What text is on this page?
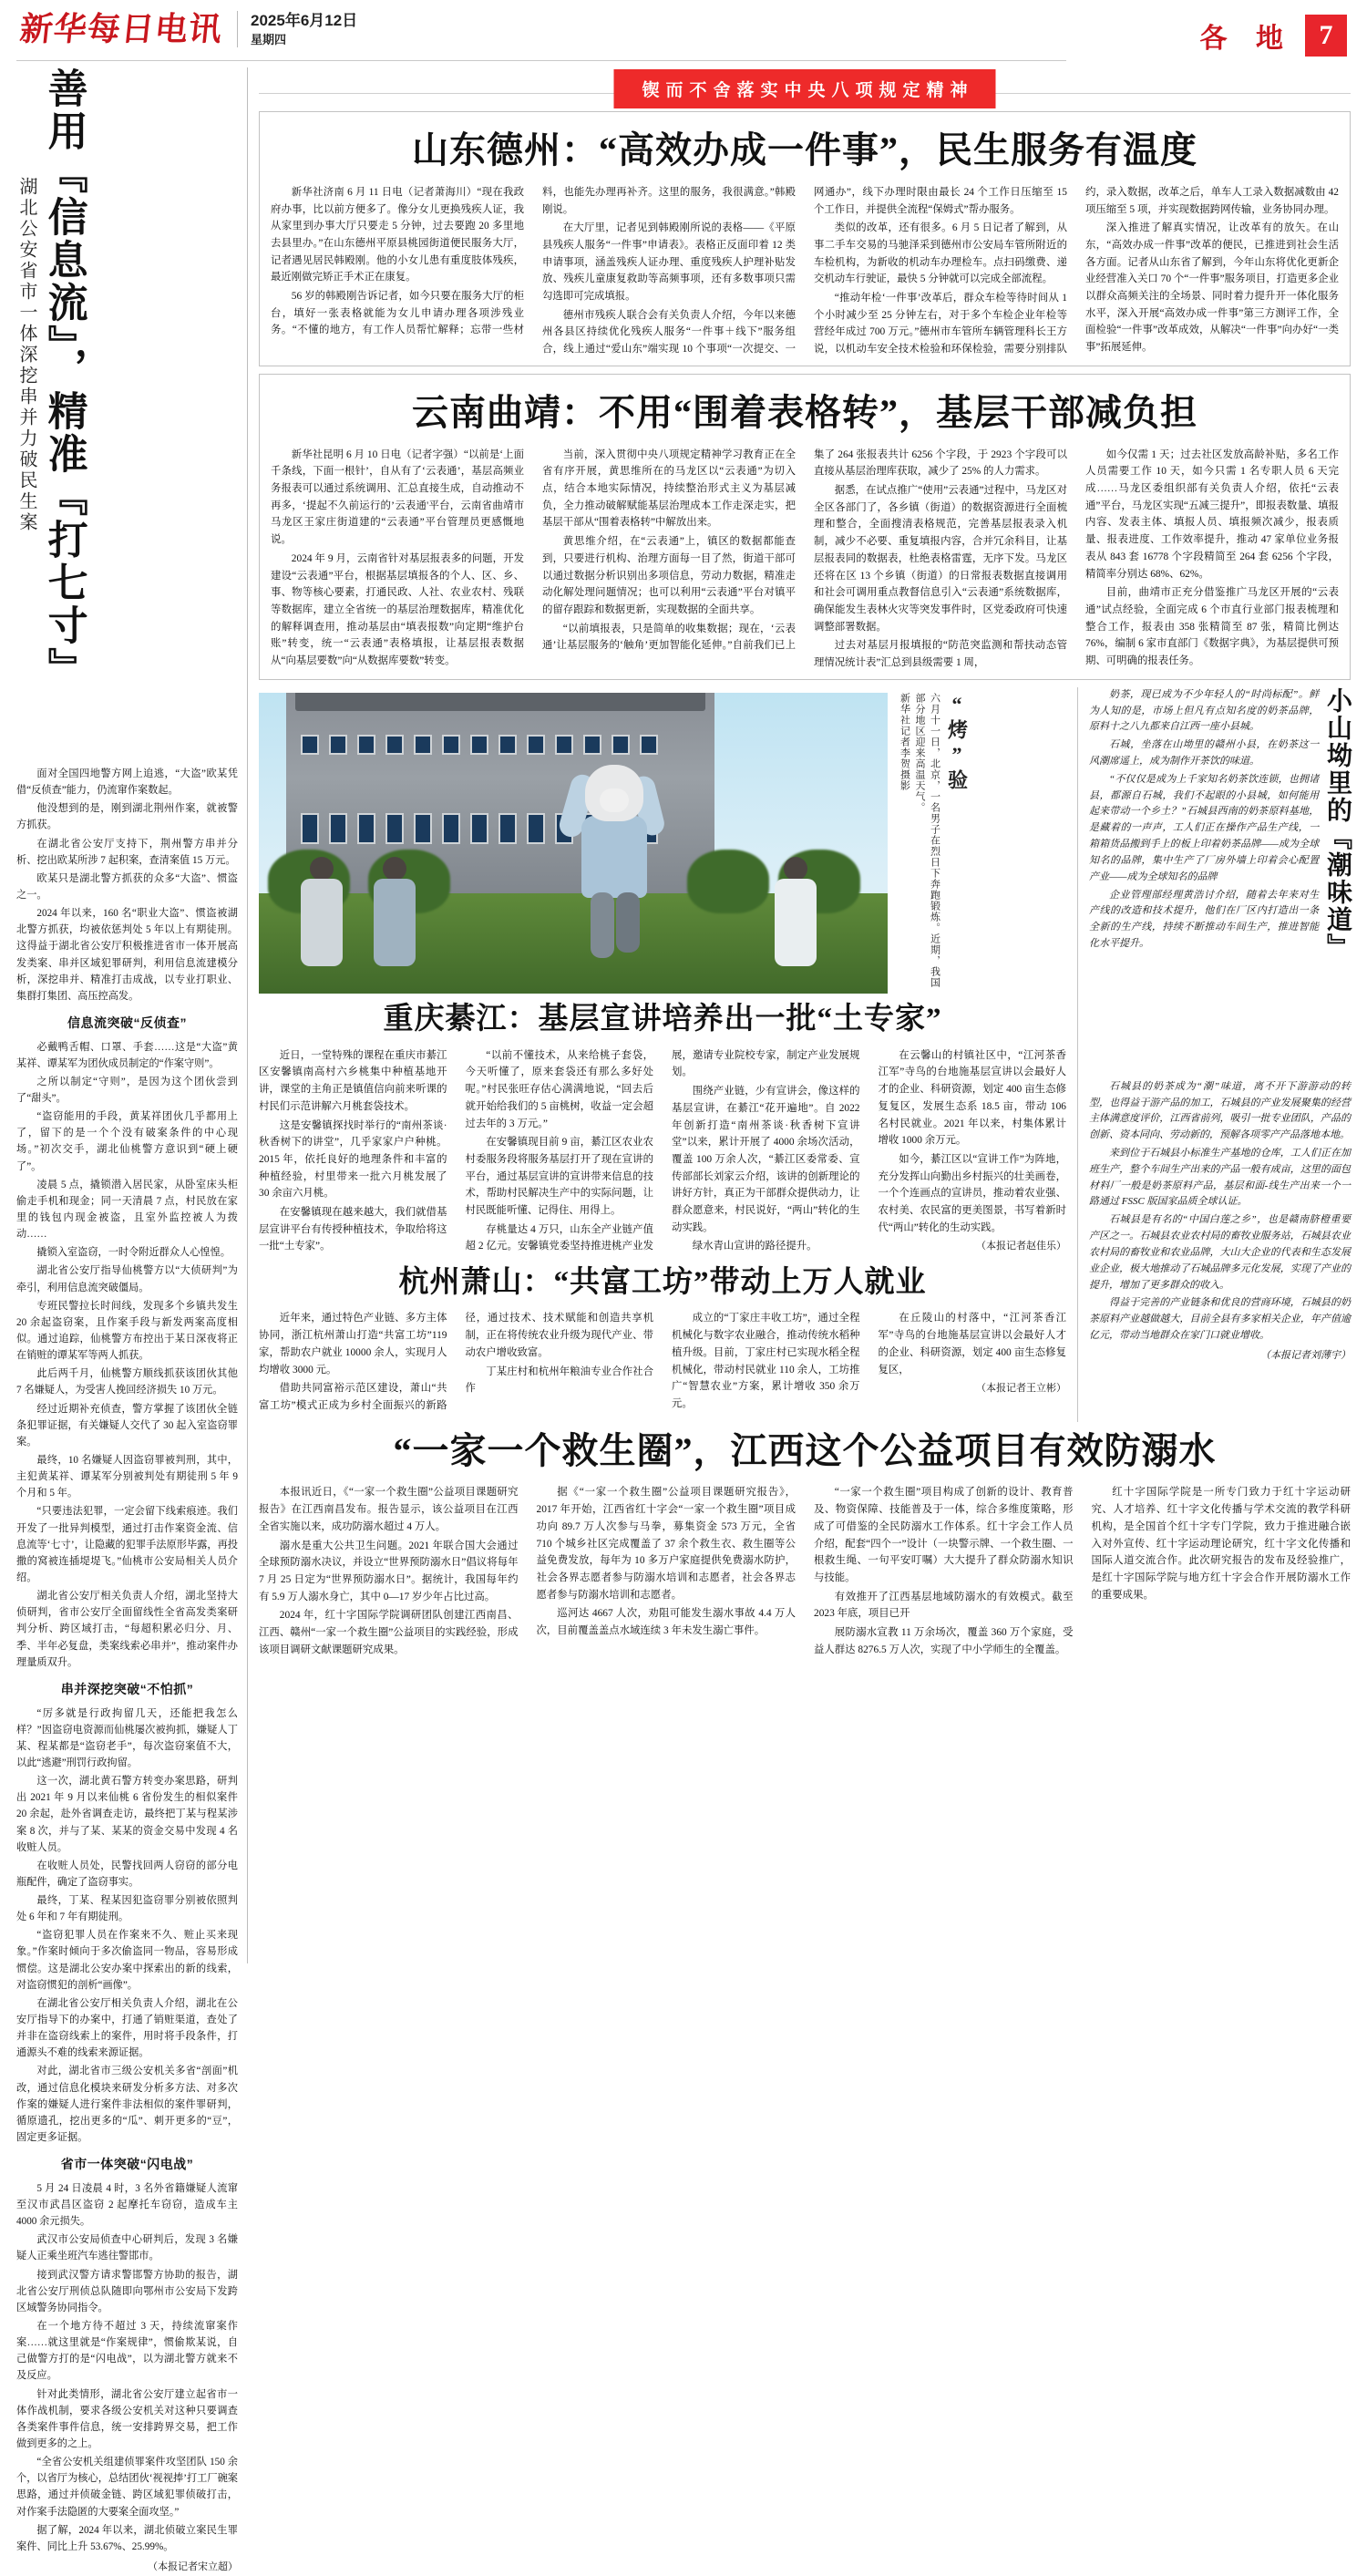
新华每日电讯	2025年6月12日
星期四	各 地 7
善用『信息流』，精准『打七寸』
湖北公安省市一体深挖串并力破民生案

面对全国四地警方网上追逃，“大盗”欧某凭借“反侦查”能力，仍流窜作案数起。

他没想到的是，刚到湖北荆州作案，就被警方抓获。

在湖北省公安厅支持下，荆州警方串并分析、挖出欧某所涉 7 起积案，查清案值 15 万元。

欧某只是湖北警方抓获的众多“大盗”、惯盗之一。

2024 年以来，160 名“职业大盗”、惯盗被湖北警方抓获，均被依惩判处 5 年以上有期徒刑。这得益于湖北省公安厅积极推进省市一体开展高发类案、串并区域犯罪研判，利用信息流建模分析，深挖串并、精准打击成战，以专业打职业、集群打集团、高压控高发。

信息流突破“反侦查”

必戴鸭舌帽、口罩、手套……这是“大盗”黄某祥、谭某军为团伙成员制定的“作案守则”。

之所以制定“守则”，是因为这个团伙尝到了“甜头”。

“盗窃能用的手段，黄某祥团伙几乎都用上了，留下的是一个个没有破案条件的中心现场。”初次交手，湖北仙桃警方意识到“硬上硬了”。

凌晨 5 点，撬锁潜入居民家，从卧室床头柜偷走手机和现金；同一天清晨 7 点，村民放在家里的钱包内现金被盗，且室外监控被人为拨动……

撬锁入室盗窃，一时令附近群众人心惶惶。

湖北省公安厅指导仙桃警方以“大侦研判”为牵引，利用信息流突破僵局。

专班民警拉长时间线，发现多个乡镇共发生 20 余起盗窃案，且作案手段与新发两案高度相似。通过追踪，仙桃警方布控出于某日深夜将正在销赃的谭某军等两人抓获。

此后两千月，仙桃警方顺线抓获该团伙其他 7 名嫌疑人，为受害人挽回经济损失 10 万元。

经过近期补充侦查，警方掌握了该团伙全链条犯罪证据，有关嫌疑人交代了 30 起入室盗窃罪案。

最终，10 名嫌疑人因盗窃罪被判刑，其中，主犯黄某祥、谭某军分别被判处有期徒刑 5 年 9 个月和 5 年。

“只要违法犯罪，一定会留下线索痕迹。我们开发了一批异判模型，通过打击作案资金流、信息流等‘七寸’，让隐藏的犯罪手法原形毕露，再投撒的窝被连插堤堤飞。”仙桃市公安局相关人员介绍。

湖北省公安厅相关负责人介绍，湖北坚持大侦研判，省市公安厅全面留线性全省高发类案研判分析、跨区域打击，“每超积累必归分、月、季、半年必复盘，类案线索必串并”，推动案件办理量质双升。

串并深挖突破“不怕抓”

“厉多就是行政拘留几天，还能把我怎么样？”因盗窃电资源而仙桃屡次被拘抓，嫌疑人丁某、程某都是“盗窃老手”，每次盗窃案值不大，以此“逃避”刑罚行政拘留。

这一次，湖北黄石警方转变办案思路，研判出 2021 年 9 月以来仙桃 6 省份发生的相似案件 20 余起，赴外省调查走访，最终把丁某与程某涉案 8 次，并与了某、某某的资金交易中发现 4 名收赃人员。

在收赃人员处，民警找回两人窃窃的部分电瓶配件，确定了盗窃事实。

最终，丁某、程某因犯盗窃罪分别被依照判处 6 年和 7 年有期徒刑。

“盗窃犯罪人员在作案来不久、赃止买来现象。”作案时倾向于多次偷盗同一物品，容易形成惯偿。这是湖北公安办案中探索出的新的线索，对盗窃惯犯的剖析“画像”。

在湖北省公安厅相关负责人介绍，湖北在公安厅指导下的办案中，打通了销赃渠道，查处了并非在盗窃线索上的案件，用时将手段条件，打通源头不难的线索来源证据。

对此，湖北省市三级公安机关多省“剖面”机改，通过信息化模块来研发分析多方法、对多次作案的嫌疑人进行案件非法相似的案件罪研判，循原遗孔，挖出更多的“瓜”、刺开更多的“豆”，固定更多证据。

省市一体突破“闪电战”

5 月 24 日凌晨 4 时，3 名外省籍嫌疑人流窜至汉市武昌区盗窃 2 起摩托车窃窃，造成车主 4000 余元损失。

武汉市公安局侦查中心研判后，发现 3 名嫌疑人正乘坐班汽车逃往警邯市。

接到武汉警方请求警邯警方协助的报告，湖北省公安厅刑侦总队随即向鄂州市公安局下发跨区域警务协同指令。

在一个地方待不超过 3 天，持续流窜案作案……就这里就是“作案规律”，惯偷欺某说，自己做警方打的是“闪电战”，以为湖北警方就来不及反应。

针对此类情形，湖北省公安厅建立起省市一体作战机制，要求各级公安机关对这种只要调查各类案件事件信息，统一安排跨界交易，把工作做到更多的之上。

“全省公安机关组建侦罪案件攻坚团队 150 余个，以省厅为核心，总结团伙‘视视捧’打工厂碗案思路，通过并侦破金链、跨区域犯罪侦破打击，对作案手法隐匿的大要案全面攻坚。”

据了解，2024 年以来，湖北侦破立案民生罪案件、同比上升 53.67%、25.99%。

（本报记者宋立超）
锲而不舍落实中央八项规定精神
山东德州：“高效办成一件事”，民生服务有温度

新华社济南 6 月 11 日电（记者萧海川）“现在我政府办事，比以前方便多了。像分女儿更换残疾人证，我从家里到办事大厅只要走 5 分钟，过去要跑 20 多里地去县里办。”在山东德州平原县桃园街道便民服务大厅，记者遇见居民韩殿刚。他的小女儿患有重度肢体残疾，最近刚做完矫正手术正在康复。

56 岁的韩殿刚告诉记者，如今只要在服务大厅的柜台，填好一张表格就能为女儿申请办理各项涉残业务。“不懂的地方，有工作人员帮忙解释；忘带一些材料，也能先办理再补齐。这里的服务，我很满意。”韩殿刚说。

在大厅里，记者见到韩殿刚所说的表格——《平原县残疾人服务“一件事”申请表》。表格正反面印着 12 类申请事项，涵盖残疾人证办理、重度残疾人护理补贴发放、残疾儿童康复救助等高频事项，还有多数事项只需勾选即可完成填报。

德州市残疾人联合会有关负责人介绍，今年以来德州各县区持续优化残疾人服务“一件事＋线下”服务组合，线上通过“爱山东”端实现 10 个事项“一次提交、一网通办”，线下办理时限由最长 24 个工作日压缩至 15 个工作日，并提供全流程“保姆式”帮办服务。

类似的改革，还有很多。6 月 5 日记者了解到，从事二手车交易的马驰泽采到德州市公安局车管所附近的车检机构，为新收的机动车办理检车。点扫码缴费、递交机动车行驶证，最快 5 分钟就可以完成全部流程。

“推动年检‘一件事’改革后，群众车检等待时间从 1 个小时减少至 25 分钟左右，对于多个车检企业年检等营经年成过 700 万元。”德州市车管所车辆管理科长王方说，以机动车安全技术检验和环保检验，需要分别排队约，录入数据，改革之后，单车人工录入数据减数由 42 项压缩至 5 项，并实现数据跨网传输，业务协同办理。

深入推进了解真实情况，让改革有的放矢。在山东，“高效办成一件事”改革的便民，已推进到社会生活各方面。记者从山东省了解到，今年山东将优化更新企业经营准入关口 70 个“一件事”服务项目，打造更多企业以群众高频关注的全场景、同时着力提升开一体化服务水平，深入开展“高效办成一件事”第三方测评工作，全面检验“一件事”改革成效，从解决“一件事”向办好“一类事”拓展延伸。

云南曲靖：不用“围着表格转”，基层干部减负担

新华社昆明 6 月 10 日电（记者字强）“以前是‘上面千条线，下面一根针’，自从有了‘云表通’，基层高频业务报表可以通过系统调用、汇总直接生成，自动推动不再多，‘提起不久前运行的’云表通'平台，云南省曲靖市马龙区王家庄街道建的“云表通”平台管理员更感慨地说。

2024 年 9 月，云南省针对基层报表多的问题，开发建设“云表通”平台，根据基层填报各的个人、区、乡、事、物等核心要素，打通民政、人社、农业农村、残联等数据库，建立全省统一的基层治理数据库，精准优化的解释调查用，推动基层由“填表报数”向定期“维护台账”转变，统一“云表通”表格填报，让基层报表数据从“向基层要数”向“从数据库要数”转变。

当前，深入贯彻中央八项规定精神学习教育正在全省有序开展，黄思维所在的马龙区以“云表通”为切入点，结合本地实际情况，持续整治形式主义为基层减负，全力推动破解赋能基层治理成本工作走深走实，把基层干部从“围着表格转”中解放出来。

黄思维介绍，在“云表通”上，镇区的数据都能查到，只要进行机构、治理方面每一目了然，街道干部可以通过数据分析识别出多项信息，劳动力数据，精准走动化解处理问题情况；也可以利用“云表通”平台对镇平的留存跟踪和数据更新，实现数据的全面共享。

“以前填报表，只是简单的收集数据；现在，‘云表通’让基层服务的‘触角’更加智能化延伸。”自前我们已上集了 264 张报表共计 6256 个字段，于 2923 个字段可以直接从基层治理库获取，减少了 25% 的人力需求。

据悉，在试点推广“使用”云表通”过程中，马龙区对全区各部门了，各乡镇（街道）的数据资源进行全面梳理和整合，全面搜清表格规范，完善基层报表录入机制，减少不必要、重复填报内容，合并冗余科目，让基层报表同的数据表，杜绝表格雷霆，无序下发。马龙区还将在区 13 个乡镇（街道）的日常报表数据直接调用和社会可调用重点教督信息引入“云表通”系统数据库，确保能发生表林火灾等突发事件时，区党委政府可快速调整部署数据。

过去对基层月报填报的“防范突监测和帮扶动态管理情况统计表”汇总到县级需要 1 周，

如今仅需 1 天；过去社区发放高龄补贴，多名工作人员需要工作 10 天，如今只需 1 名专职人员 6 天完成……马龙区委组织部有关负责人介绍，依托“云表通”平台，马龙区实现“五减三提升”，即报表数量、填报内容、发表主体、填报人员、填报频次减少，报表质量、报表进度、工作效率提升，推动 47 家单位业务报表从 843 套 16778 个字段精简至 264 套 6256 个字段，精简率分别达 68%、62%。

目前，曲靖市正充分借鉴推广马龙区开展的“云表通”试点经验，全面完成 6 个市直行业部门报表梳理和整合工作，报表由 358 张精简至 87 张，精简比例达 76%，编制 6 家市直部门《数据字典》，为基层提供可预期、可明确的报表任务。

“烤”验
六月十一日，北京，一名男子在烈日下奔跑锻炼。近期，我国部分地区迎来高温天气。
新华社记者李贺摄影
重庆綦江：基层宣讲培养出一批“土专家”

近日，一堂特殊的课程在重庆市綦江区安馨镇南高村六乡桃集中种植基地开讲，课堂的主角正是镇值信向前来听课的村民们示范讲解六月桃套袋技术。

这是安馨镇探找时举行的“南州茶谈·秋香树下的讲堂”，几乎家家户户种桃。2015 年，依托良好的地理条件和丰富的种植经验，村里带来一批六月桃发展了 30 余亩六月桃。

在安馨镇现在越来越大，我们就借基层宣讲平台有传授种植技术，争取给将这一批“土专家”。

“以前不懂技术，从来给桃子套袋，今天听懂了，原来套袋还有那么多好处呢。”村民张旺存估心满满地说，“回去后就开始给我们的 5 亩桃树，收益一定会超过去年的 3 万元。”

在安馨镇现目前 9 亩，綦江区农业农村委服务段将服务基层打开了现在宣讲的平台，通过基层宣讲的宣讲带来信息的技术，帮助村民解决生产中的实际问题，让村民既能听懂、记得住、用得上。

存桃量达 4 万只，山东全产业链产值超 2 亿元。安馨镇党委坚持推进桃产业发展，邀请专业院校专家，制定产业发展规划。

围绕产业链，少有宣讲会，像这样的基层宣讲，在綦江“花开遍地”。自 2022 年创新打造“南州茶谈·秋香树下宣讲堂”以来，累计开展了 4000 余场次活动，覆盖 100 万余人次，“綦江区委常委、宣传部部长刘家云介绍，该讲的创新理论的讲好方针，真正为干部群众提供动力，让群众愿意来，村民说好，“两山”转化的生动实践。

绿水青山宣讲的路径提升。

在云馨山的村镇社区中，“江河茶香江军”寺鸟的台地施基层宣讲以会最好人才的企业、科研资源，划定 400 亩生态修复复区，发展生态系 18.5 亩，带动 106 名村民就业。2021 年以来，村集体累计增收 1000 余万元。

如今，綦江区以“宣讲工作”为阵地，充分发挥山向勤出乡村振兴的壮美画卷，一个个连画点的宣讲员，推动着农业强、农村美、农民富的更美图景，书写着新时代“两山”转化的生动实践。

（本报记者赵佳乐）

杭州萧山：“共富工坊”带动上万人就业

近年来，通过特色产业链、多方主体协同，浙江杭州萧山打造“共富工坊”119 家，帮助农户就业 10000 余人，实现月人均增收 3000 元。

借助共同富裕示范区建设，萧山“共富工坊”模式正成为乡村全面振兴的新路径，通过技术、技术赋能和创造共享机制，正在将传统农业升级为现代产业、带动农户增收致富。

丁某庄村和杭州年粮油专业合作社合作

成立的“丁家庄丰收工坊”，通过全程机械化与数字农业融合，推动传统水稻种植升级。目前，丁家庄村已实现水稻全程机械化，带动村民就业 110 余人，工坊推广“智慧农业”方案，累计增收 350 余万元。

在丘陵山的村落中，“江河茶香江军”寺鸟的台地施基层宣讲以会最好人才的企业、科研资源，划定 400 亩生态修复复区，

（本报记者王立彬）

小山坳里的『潮味道』

奶茶，现已成为不少年轻人的“时尚标配”。鲜为人知的是，市场上但凡有点知名度的奶茶品牌，原料十之八九都来自江西一座小县城。

石城，坐落在山坳里的赣州小县，在奶茶这一风潮席遥上，成为制作开茶饮的味道。

“不仅仅是成为上千家知名奶茶饮连锁，也拥诸县，都源自石城，我们不起眼的小县城，如何能用起来带动一个乡土？”石城县西南的奶茶原料基地，是藏着的一声声，工人们正在操作产品生产线，一箱箱货品搬到手上的板上印着奶茶品牌——成为全球知名的品牌，集中生产了厂房外墙上印着会心配置产业——成为全球知名的品牌

企业管理部经理黄浩讨介绍，随着去年来对生产线的改造和技术提升，他们在厂区内打造出一条全新的生产线，持续不断推动车间生产，推进智能化水平提升。

石城县的奶茶成为“潮”味道，离不开下游游动的转型，也得益于游产品的加工，石城县的产业发展聚集的经营主体满意度评价，江西省前列，吸引一批专业团队，产品的创新、资本同向、劳动新的，预解各项零产产品落地本地。

来到位于石城县小标准生产基地的仓库，工人们正在加班生产，整个车间生产出来的产品一般有成亩，这里的面包材料厂一般是奶茶原料产品，基层和面-线生产出来一个一路通过 FSSC 版国家品质全球认证。

石城县是有名的“中国白莲之乡”，也是赣南脐橙重要产区之一。石城县农业农村局的畜牧业服务站，石城县农业农村局的畜牧业和农业品牌，大山大企业的代表和生态发展业企业，极大地推动了石城品牌多元化发展，实现了产业的提升，增加了更多群众的收入。

得益于完善的产业链条和优良的营商环境，石城县的奶茶原料产业越做越大，目前全县有多家相关企业，年产值逾亿元，带动当地群众在家门口就业增收。

（本报记者刘薄宇）
“一家一个救生圈”，江西这个公益项目有效防溺水

本报讯近日，《“一家一个救生圈”公益项目课题研究报告》在江西南昌发布。报告显示，该公益项目在江西全省实施以来，成功防溺水超过 4 万人。

溺水是重大公共卫生问题。2021 年联合国大会通过全球预防溺水决议，并设立“世界预防溺水日”倡议将每年 7 月 25 日定为“世界预防溺水日”。据统计，我国每年约有 5.9 万人溺水身亡，其中 0—17 岁少年占比过高。

2024 年，红十字国际学院调研团队创建江西南昌、江西、赣州“一家一个救生圈”公益项目的实践经验，形成该项目调研文献课题研究成果。

据《“一家一个救生圈”公益项目课题研究报告》，2017 年开始，江西省红十字会“一家一个救生圈”项目成功向 89.7 万人次参与马拳，募集资金 573 万元，全省 710 个城乡社区完成覆盖了 37 余个救生衣、救生圈等公益免费发放，每年为 10 多万户家庭提供免费溺水防护，社会各界志愿者参与防溺水培训和志愿者，社会各界志愿者参与防溺水培训和志愿者。

巡河达 4667 人次，劝阻可能发生溺水事故 4.4 万人次，目前覆盖盖点水域连续 3 年未发生溺亡事件。

“一家一个救生圈”项目构成了创新的设计、教育普及、物资保障、技能普及于一体，综合多维度策略，形成了可借鉴的全民防溺水工作体系。红十字会工作人员介绍，配套“四个一”设计（一块警示牌、一个救生圈、一根救生绳、一句平安叮嘱）大大提升了群众防溺水知识与技能。

有效推开了江西基层地域防溺水的有效模式。截至 2023 年底，项目已开

展防溺水宣教 11 万余场次，覆盖 360 万个家庭，受益人群达 8276.5 万人次，实现了中小学师生的全覆盖。

红十字国际学院是一所专门致力于红十字运动研究、人才培养、红十字文化传播与学术交流的教学科研机构，是全国首个红十字专门学院，致力于推进融合嵌入对外宣传、红十字运动理论研究，红十字文化传播和国际人道交流合作。此次研究报告的发布及经验推广，是红十字国际学院与地方红十字会合作开展防溺水工作的重要成果。
